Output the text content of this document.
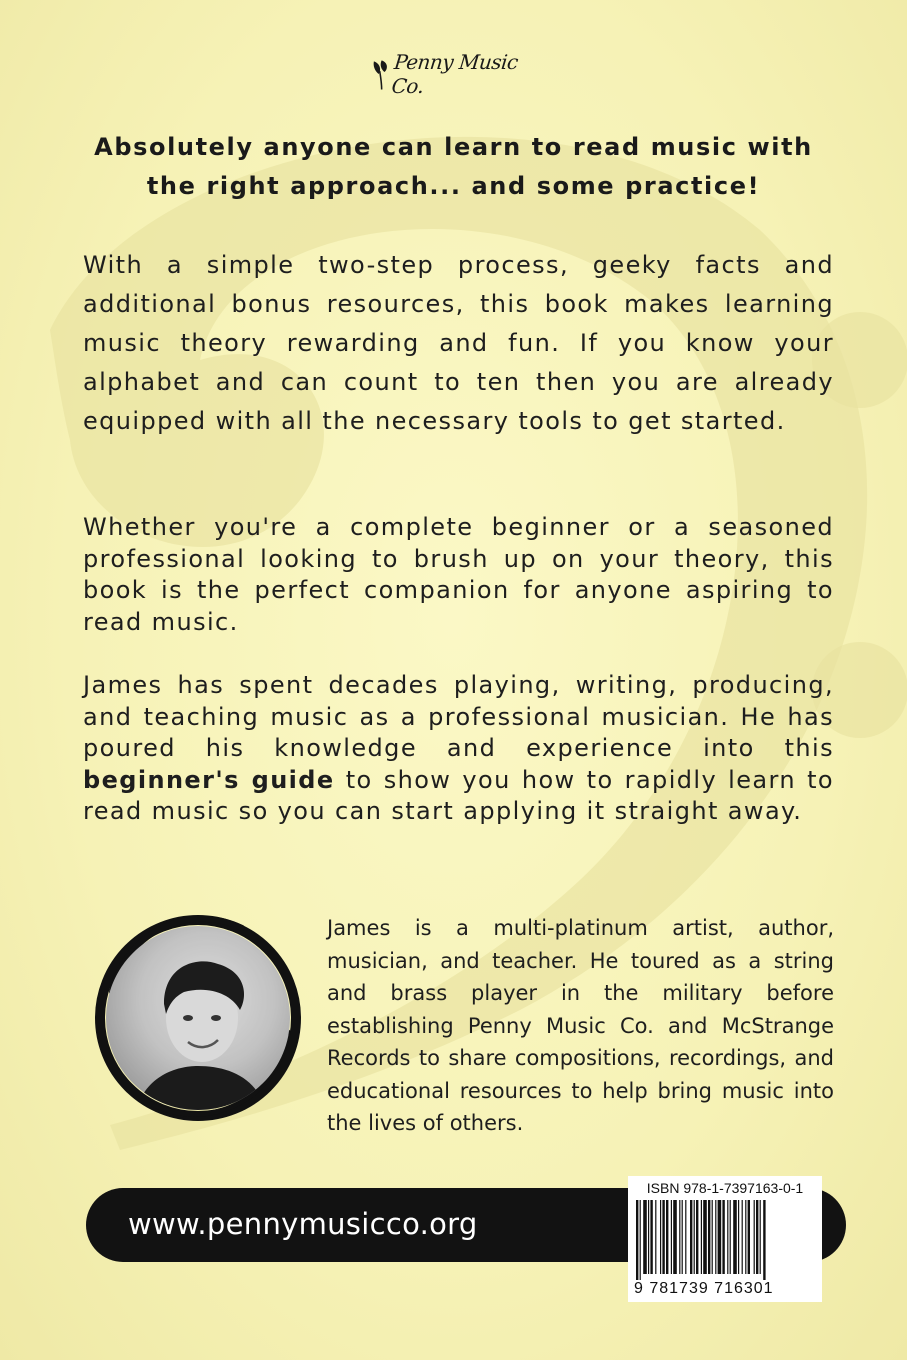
Penny Music Co.
Absolutely anyone can learn to read music with
the right approach... and some practice!
With a simple two-step process, geeky facts and additional bonus resources, this book makes learning music theory rewarding and fun. If you know your alphabet and can count to ten then you are already equipped with all the necessary tools to get started.
Whether you're a complete beginner or a seasoned professional looking to brush up on your theory, this book is the perfect companion for anyone aspiring to read music.
James has spent decades playing, writing, producing, and teaching music as a professional musician. He has poured his knowledge and experience into this beginner's guide to show you how to rapidly learn to read music so you can start applying it straight away.
James is a multi-platinum artist, author, musician, and teacher. He toured as a string and brass player in the military before establishing Penny Music Co. and McStrange Records to share compositions, recordings, and educational resources to help bring music into the lives of others.
www.pennymusicco.org
ISBN 978-1-7397163-0-1
9 781739 716301
